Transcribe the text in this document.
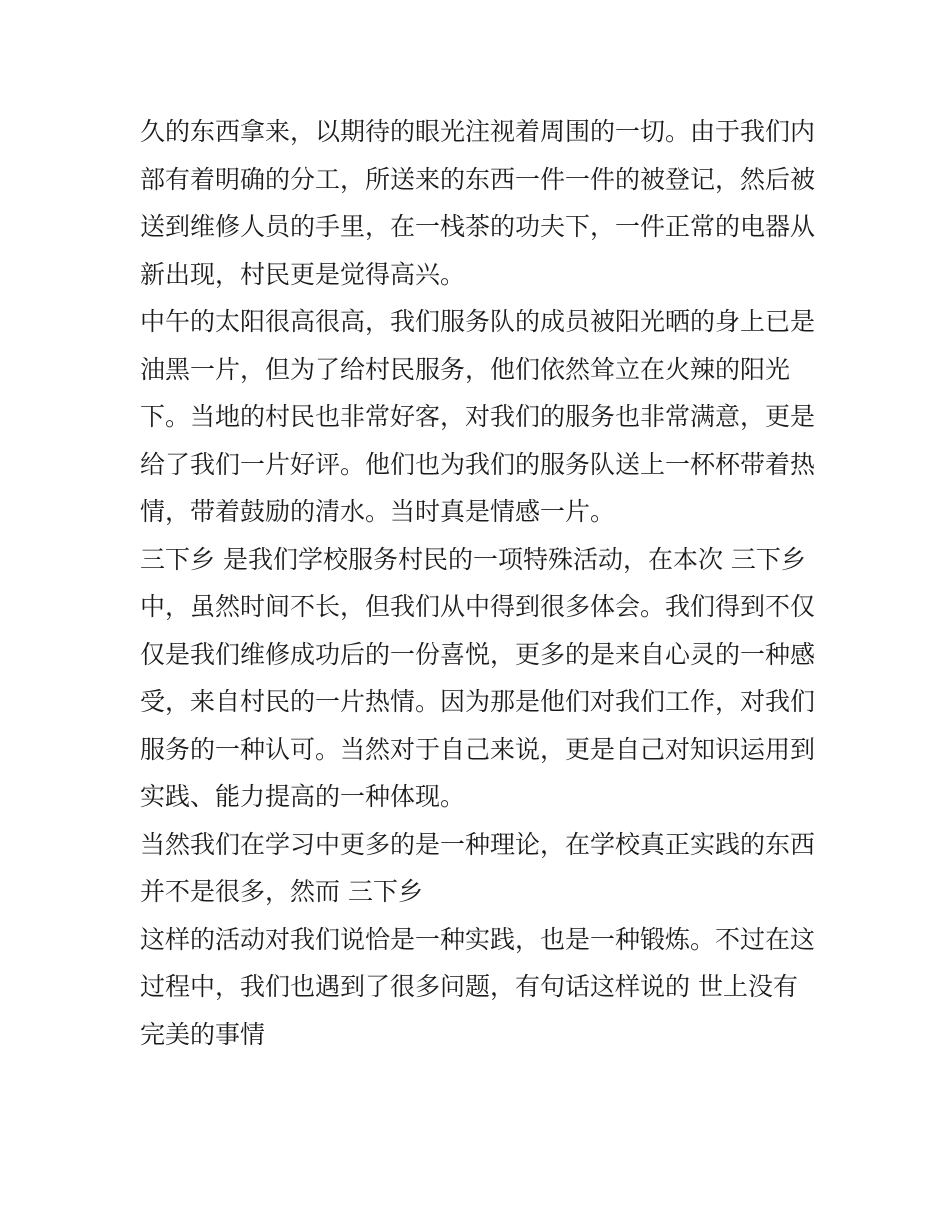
久的东西拿来，以期待的眼光注视着周围的一切。由于我们内
部有着明确的分工，所送来的东西一件一件的被登记，然后被
送到维修人员的手里，在一栈茶的功夫下，一件正常的电器从
新出现，村民更是觉得高兴。
中午的太阳很高很高，我们服务队的成员被阳光晒的身上已是
油黑一片，但为了给村民服务，他们依然耸立在火辣的阳光
下。当地的村民也非常好客，对我们的服务也非常满意，更是
给了我们一片好评。他们也为我们的服务队送上一杯杯带着热
情，带着鼓励的清水。当时真是情感一片。
三下乡 是我们学校服务村民的一项特殊活动，在本次 三下乡
中，虽然时间不长，但我们从中得到很多体会。我们得到不仅
仅是我们维修成功后的一份喜悦，更多的是来自心灵的一种感
受，来自村民的一片热情。因为那是他们对我们工作，对我们
服务的一种认可。当然对于自己来说，更是自己对知识运用到
实践、能力提高的一种体现。
当然我们在学习中更多的是一种理论，在学校真正实践的东西
并不是很多，然而 三下乡
这样的活动对我们说恰是一种实践，也是一种锻炼。不过在这
过程中，我们也遇到了很多问题，有句话这样说的 世上没有
完美的事情
